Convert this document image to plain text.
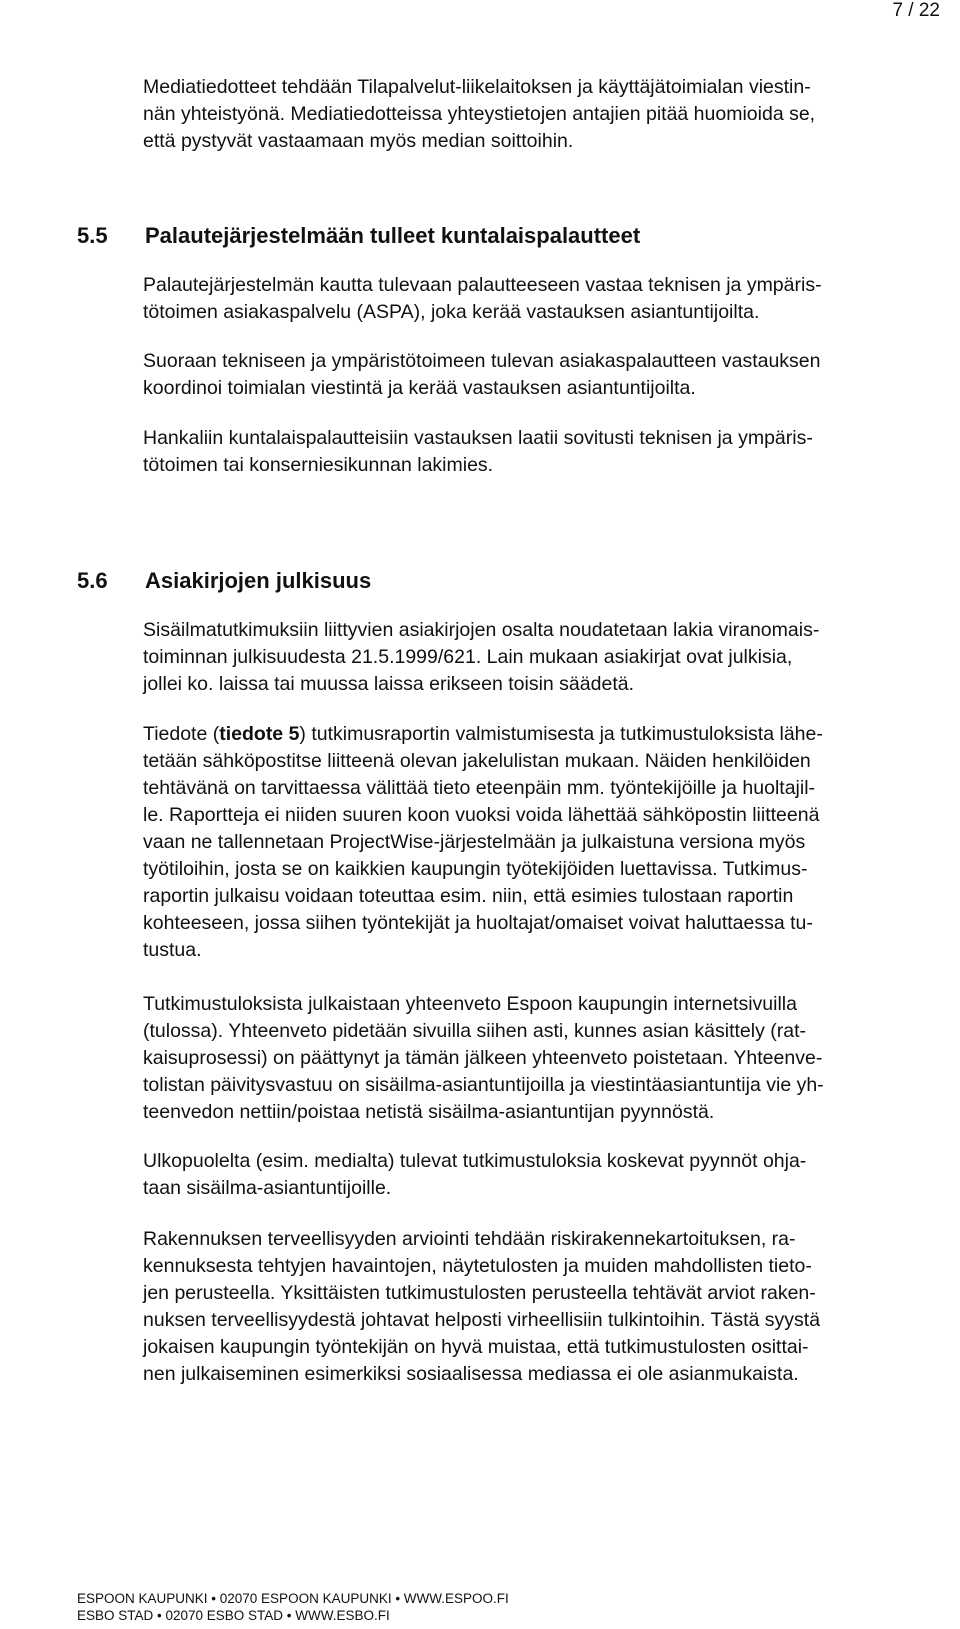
7 / 22

Mediatiedotteet tehdään Tilapalvelut-liikelaitoksen ja käyttäjätoimialan viestin-
nän yhteistyönä. Mediatiedotteissa yhteystietojen antajien pitää huomioida se,
että pystyvät vastaamaan myös median soittoihin.

5.5 Palautejärjestelmään tulleet kuntalaispalautteet

Palautejärjestelmän kautta tulevaan palautteeseen vastaa teknisen ja ympäris-
tötoimen asiakaspalvelu (ASPA), joka kerää vastauksen asiantuntijoilta.

Suoraan tekniseen ja ympäristötoimeen tulevan asiakaspalautteen vastauksen
koordinoi toimialan viestintä ja kerää vastauksen asiantuntijoilta.

Hankaliin kuntalaispalautteisiin vastauksen laatii sovitusti teknisen ja ympäris-
tötoimen tai konserniesikunnan lakimies.

5.6 Asiakirjojen julkisuus

Sisäilmatutkimuksiin liittyvien asiakirjojen osalta noudatetaan lakia viranomais-
toiminnan julkisuudesta 21.5.1999/621. Lain mukaan asiakirjat ovat julkisia,
jollei ko. laissa tai muussa laissa erikseen toisin säädetä.

Tiedote (tiedote 5) tutkimusraportin valmistumisesta ja tutkimustuloksista lähe-
tetään sähköpostitse liitteenä olevan jakelulistan mukaan. Näiden henkilöiden
tehtävänä on tarvittaessa välittää tieto eteenpäin mm. työntekijöille ja huoltajil-
le. Raportteja ei niiden suuren koon vuoksi voida lähettää sähköpostin liitteenä
vaan ne tallennetaan ProjectWise-järjestelmään ja julkaistuna versiona myös
työtiloihin, josta se on kaikkien kaupungin työtekijöiden luettavissa. Tutkimus-
raportin julkaisu voidaan toteuttaa esim. niin, että esimies tulostaan raportin
kohteeseen, jossa siihen työntekijät ja huoltajat/omaiset voivat haluttaessa tu-
tustua.

Tutkimustuloksista julkaistaan yhteenveto Espoon kaupungin internetsivuilla
(tulossa). Yhteenveto pidetään sivuilla siihen asti, kunnes asian käsittely (rat-
kaisuprosessi) on päättynyt ja tämän jälkeen yhteenveto poistetaan. Yhteenve-
tolistan päivitysvastuu on sisäilma-asiantuntijoilla ja viestintäasiantuntija vie yh-
teenvedon nettiin/poistaa netistä sisäilma-asiantuntijan pyynnöstä.

Ulkopuolelta (esim. medialta) tulevat tutkimustuloksia koskevat pyynnöt ohja-
taan sisäilma-asiantuntijoille.

Rakennuksen terveellisyyden arviointi tehdään riskirakennekartoituksen, ra-
kennuksesta tehtyjen havaintojen, näytetulosten ja muiden mahdollisten tieto-
jen perusteella. Yksittäisten tutkimustulosten perusteella tehtävät arviot raken-
nuksen terveellisyydestä johtavat helposti virheellisiin tulkintoihin. Tästä syystä
jokaisen kaupungin työntekijän on hyvä muistaa, että tutkimustulosten osittai-
nen julkaiseminen esimerkiksi sosiaalisessa mediassa ei ole asianmukaista.

ESPOON KAUPUNKI • 02070 ESPOON KAUPUNKI • WWW.ESPOO.FI
ESBO STAD • 02070 ESBO STAD • WWW.ESBO.FI
